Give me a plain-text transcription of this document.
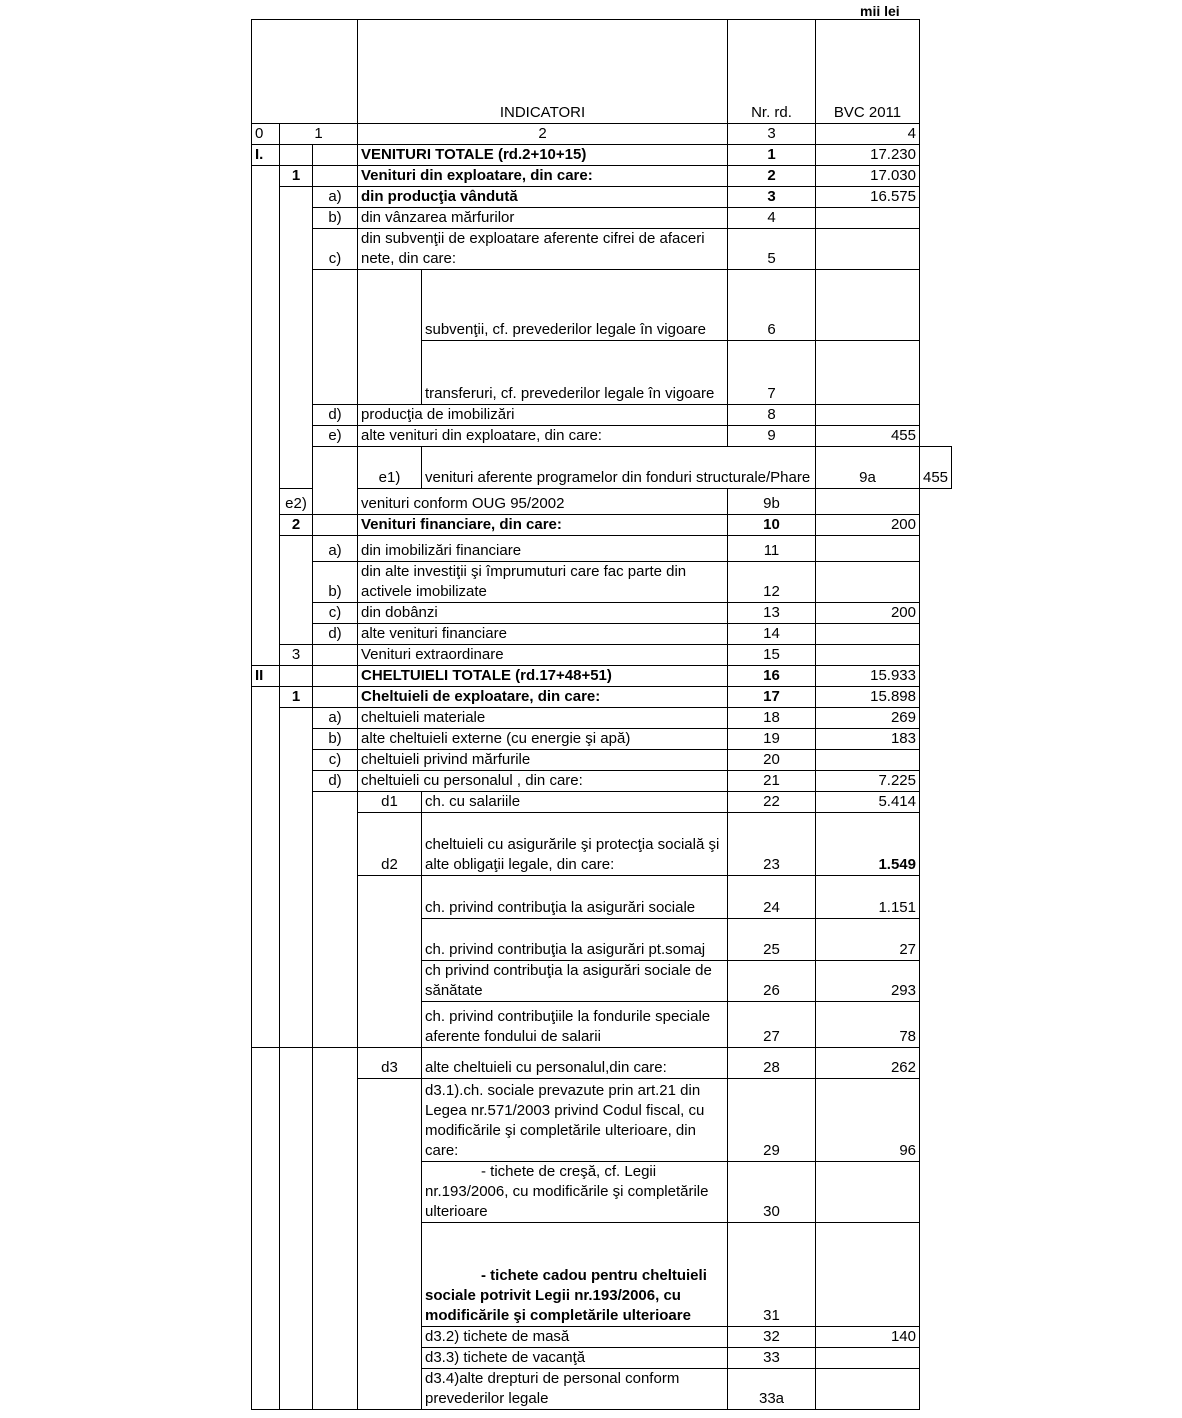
mii lei
			INDICATORI		Nr. rd.	BVC 2011	
0	1		2		3	4	
I.			VENITURI TOTALE (rd.2+10+15)		1	17.230	
	1		Venituri din exploatare, din care:		2	17.030	
		a)	din producţia vândută		3	16.575	
		b)	din vânzarea mărfurilor		4		
		c)	din subvenţii de exploatare aferente cifrei de afaceri nete, din care:		5		
				subvenţii, cf. prevederilor legale în vigoare	6		
				transferuri, cf. prevederilor legale în vigoare	7		
		d)	producţia de imobilizări		8		
		e)	alte venituri din exploatare, din care:		9	455	
			e1)	venituri aferente programelor din fonduri structurale/Phare		9a	455
	e2)		venituri conform OUG 95/2002		9b		
	2		Venituri financiare, din care:		10	200	
		a)	din imobilizări financiare		11		
		b)	din alte investiţii şi împrumuturi care fac parte din activele imobilizate		12		
		c)	din dobânzi		13	200	
		d)	alte venituri financiare		14		
	3		Venituri extraordinare		15		
II			CHELTUIELI TOTALE (rd.17+48+51)		16	15.933	
	1		Cheltuieli de exploatare, din care:		17	15.898	
		a)	cheltuieli materiale		18	269	
		b)	alte cheltuieli externe (cu energie şi apă)		19	183	
		c)	cheltuieli privind mărfurile		20		
		d)	cheltuieli cu personalul , din care:		21	7.225	
			d1	ch. cu salariile	22	5.414	
			d2	cheltuieli cu asigurările şi protecţia socială şi alte obligaţii legale, din care:	23	1.549	
				ch. privind contribuţia la asigurări sociale	24	1.151	
				ch. privind contribuţia la asigurări pt.somaj	25	27	
				ch privind contribuţia la asigurări sociale de sănătate	26	293	
				ch. privind contribuţiile la fondurile speciale aferente fondului de salarii	27	78	
			d3	alte cheltuieli cu personalul,din care:	28	262	
				d3.1).ch. sociale prevazute prin art.21 din Legea nr.571/2003 privind Codul fiscal, cu modificările şi completările ulterioare, din care:	29	96	
				- tichete de creşă, cf. Legii nr.193/2006, cu modificările şi completările ulterioare	30		
				- tichete cadou pentru cheltuieli sociale potrivit Legii nr.193/2006, cu modificările şi completările ulterioare	31		
				d3.2) tichete de masă	32	140	
				d3.3) tichete de vacanţă	33		
				d3.4)alte drepturi de personal conform prevederilor legale	33a		
